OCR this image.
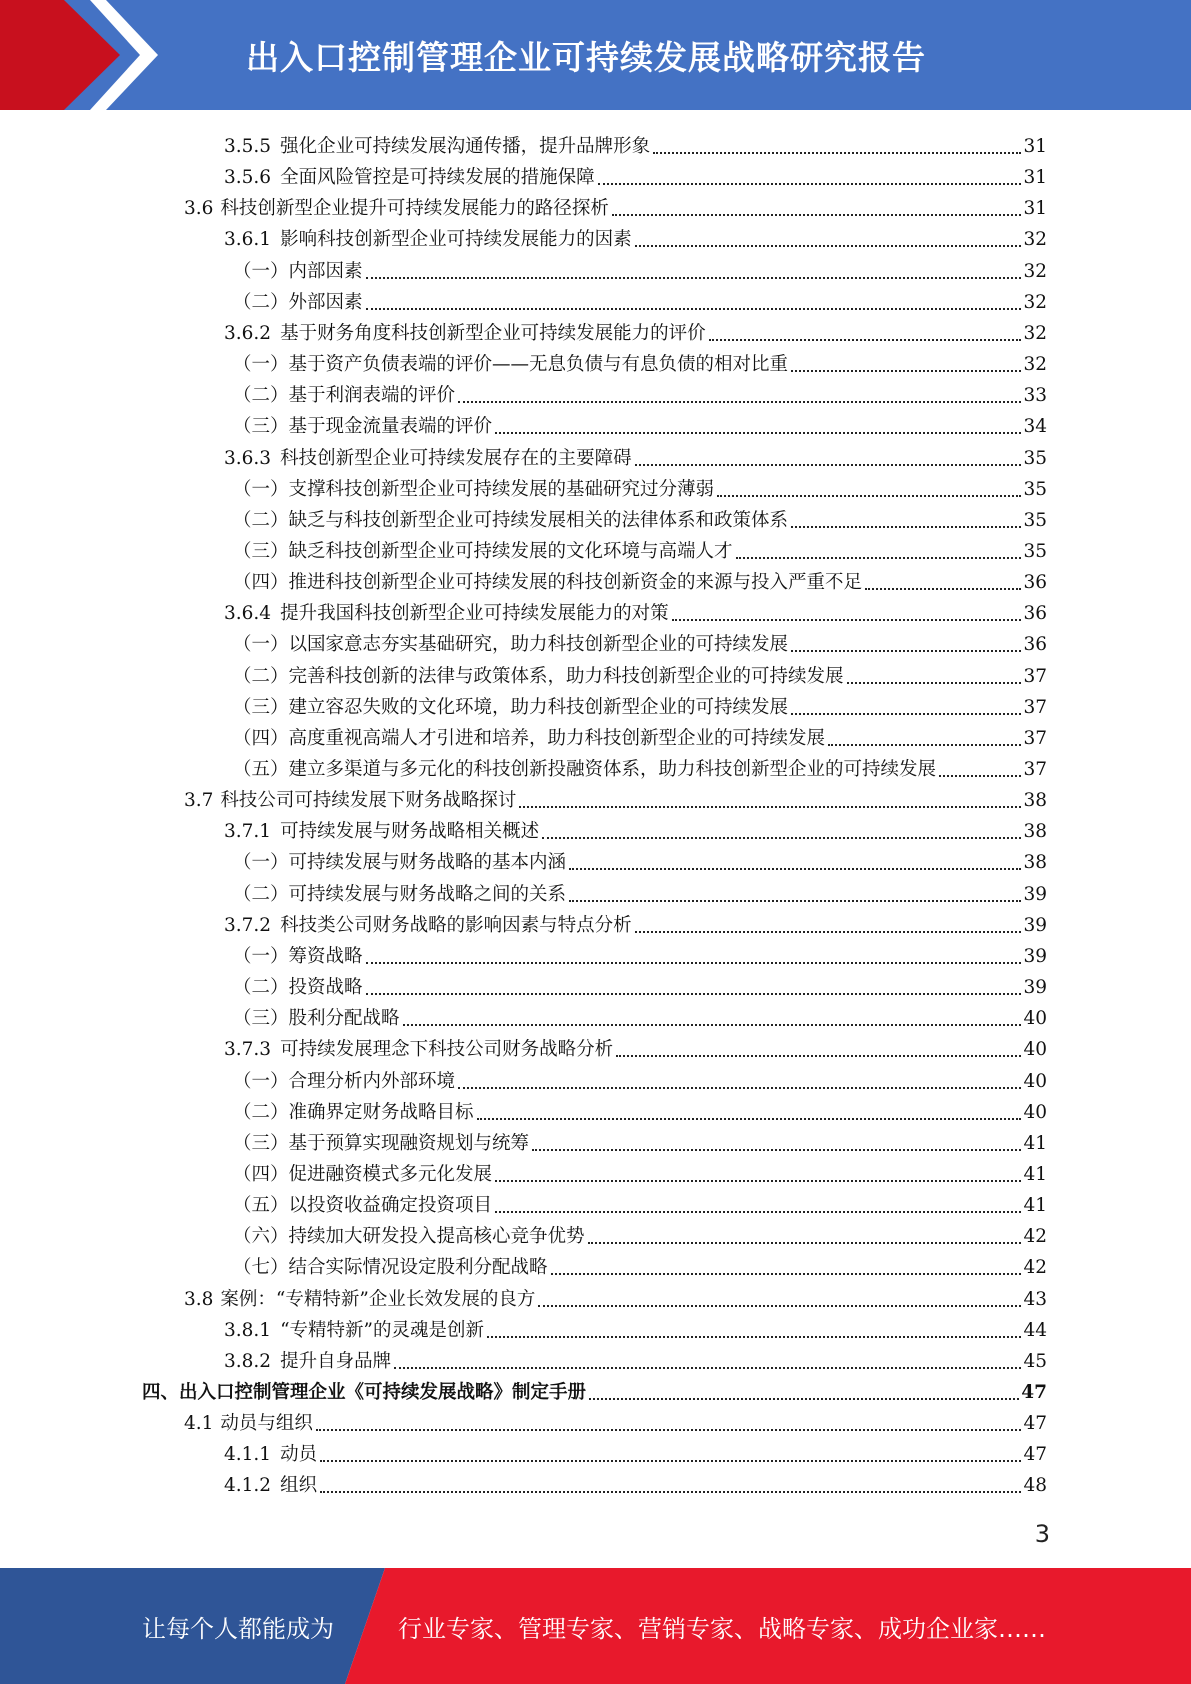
出入口控制管理企业可持续发展战略研究报告
3.5.5 强化企业可持续发展沟通传播，提升品牌形象	31
3.5.6 全面风险管控是可持续发展的措施保障	31
3.6 科技创新型企业提升可持续发展能力的路径探析	31
3.6.1 影响科技创新型企业可持续发展能力的因素	32
（一）内部因素	32
（二）外部因素	32
3.6.2 基于财务角度科技创新型企业可持续发展能力的评价	32
（一）基于资产负债表端的评价——无息负债与有息负债的相对比重	32
（二）基于利润表端的评价	33
（三）基于现金流量表端的评价	34
3.6.3 科技创新型企业可持续发展存在的主要障碍	35
（一）支撑科技创新型企业可持续发展的基础研究过分薄弱	35
（二）缺乏与科技创新型企业可持续发展相关的法律体系和政策体系	35
（三）缺乏科技创新型企业可持续发展的文化环境与高端人才	35
（四）推进科技创新型企业可持续发展的科技创新资金的来源与投入严重不足	36
3.6.4 提升我国科技创新型企业可持续发展能力的对策	36
（一）以国家意志夯实基础研究，助力科技创新型企业的可持续发展	36
（二）完善科技创新的法律与政策体系，助力科技创新型企业的可持续发展	37
（三）建立容忍失败的文化环境，助力科技创新型企业的可持续发展	37
（四）高度重视高端人才引进和培养，助力科技创新型企业的可持续发展	37
（五）建立多渠道与多元化的科技创新投融资体系，助力科技创新型企业的可持续发展	37
3.7 科技公司可持续发展下财务战略探讨	38
3.7.1 可持续发展与财务战略相关概述	38
（一）可持续发展与财务战略的基本内涵	38
（二）可持续发展与财务战略之间的关系	39
3.7.2 科技类公司财务战略的影响因素与特点分析	39
（一）筹资战略	39
（二）投资战略	39
（三）股利分配战略	40
3.7.3 可持续发展理念下科技公司财务战略分析	40
（一）合理分析内外部环境	40
（二）准确界定财务战略目标	40
（三）基于预算实现融资规划与统筹	41
（四）促进融资模式多元化发展	41
（五）以投资收益确定投资项目	41
（六）持续加大研发投入提高核心竞争优势	42
（七）结合实际情况设定股利分配战略	42
3.8 案例：“专精特新”企业长效发展的良方	43
3.8.1 “专精特新”的灵魂是创新	44
3.8.2 提升自身品牌	45
四、出入口控制管理企业《可持续发展战略》制定手册	47
4.1 动员与组织	47
4.1.1 动员	47
4.1.2 组织	48
3
让每个人都能成为	行业专家、管理专家、营销专家、战略专家、成功企业家……
